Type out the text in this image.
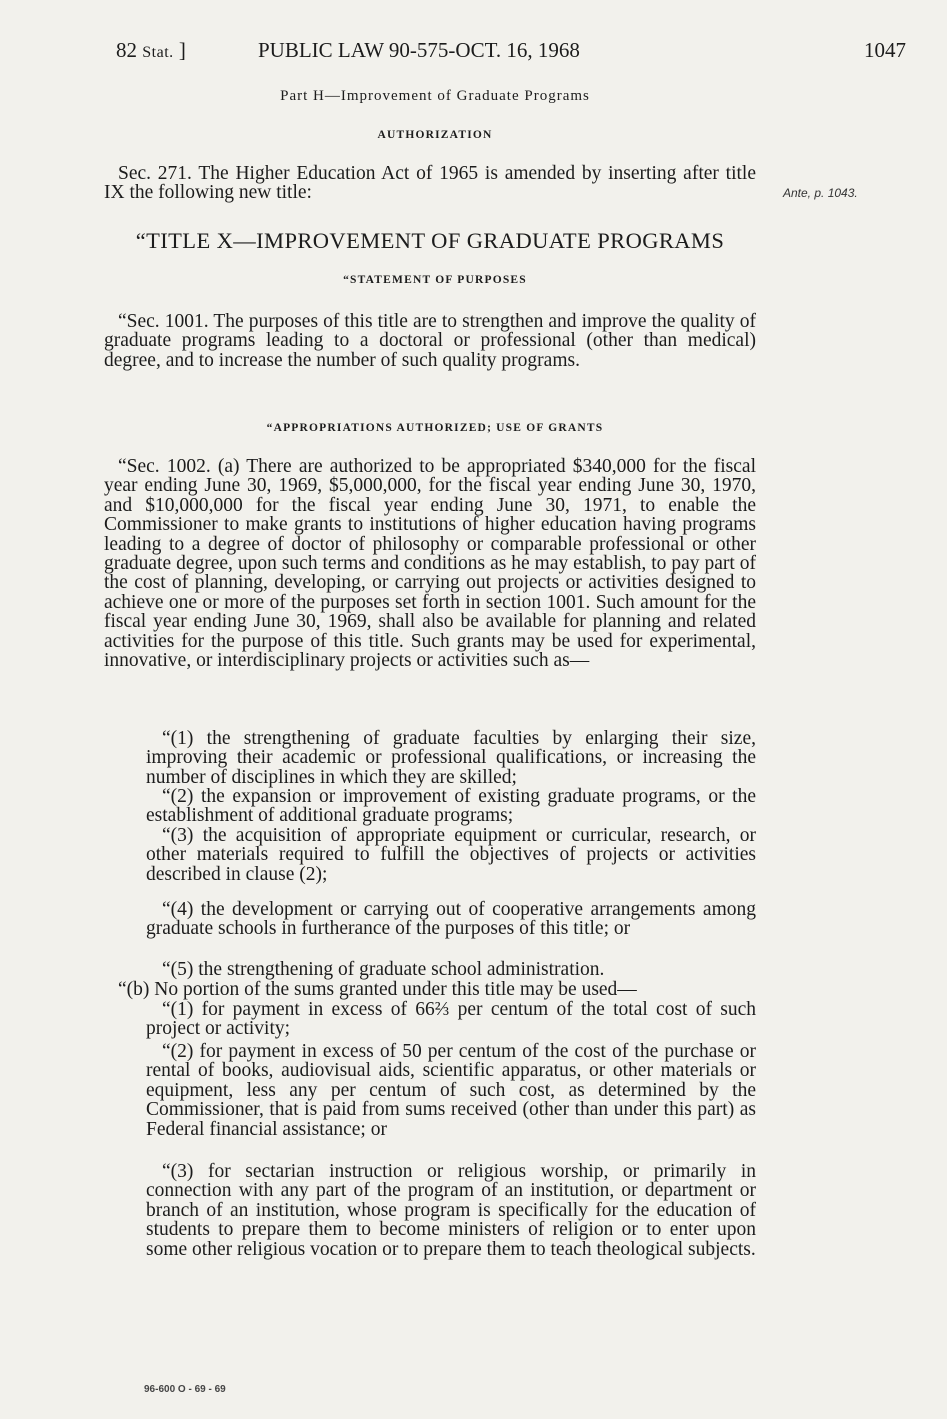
82 Stat. ]	PUBLIC LAW 90-575-OCT. 16, 1968	1047
Part H—Improvement of Graduate Programs
AUTHORIZATION

Sec. 271. The Higher Education Act of 1965 is amended by inserting after title IX the following new title:	Ante, p. 1043.
“TITLE X—IMPROVEMENT OF GRADUATE PROGRAMS
“STATEMENT OF PURPOSES

“Sec. 1001. The purposes of this title are to strengthen and improve the quality of graduate programs leading to a doctoral or professional (other than medical) degree, and to increase the number of such quality programs.

“APPROPRIATIONS AUTHORIZED; USE OF GRANTS

“Sec. 1002. (a) There are authorized to be appropriated $340,000 for the fiscal year ending June 30, 1969, $5,000,000, for the fiscal year ending June 30, 1970, and $10,000,000 for the fiscal year ending June 30, 1971, to enable the Commissioner to make grants to institutions of higher education having programs leading to a degree of doctor of philosophy or comparable professional or other graduate degree, upon such terms and conditions as he may establish, to pay part of the cost of planning, developing, or carrying out projects or activities designed to achieve one or more of the purposes set forth in section 1001. Such amount for the fiscal year ending June 30, 1969, shall also be available for planning and related activities for the purpose of this title. Such grants may be used for experimental, innovative, or interdisciplinary projects or activities such as—

“(1) the strengthening of graduate faculties by enlarging their size, improving their academic or professional qualifications, or increasing the number of disciplines in which they are skilled;

“(2) the expansion or improvement of existing graduate programs, or the establishment of additional graduate programs;

“(3) the acquisition of appropriate equipment or curricular, research, or other materials required to fulfill the objectives of projects or activities described in clause (2);

“(4) the development or carrying out of cooperative arrangements among graduate schools in furtherance of the purposes of this title; or

“(5) the strengthening of graduate school administration.

“(b) No portion of the sums granted under this title may be used—

“(1) for payment in excess of 66⅔ per centum of the total cost of such project or activity;

“(2) for payment in excess of 50 per centum of the cost of the purchase or rental of books, audiovisual aids, scientific apparatus, or other materials or equipment, less any per centum of such cost, as determined by the Commissioner, that is paid from sums received (other than under this part) as Federal financial assistance; or

“(3) for sectarian instruction or religious worship, or primarily in connection with any part of the program of an institution, or department or branch of an institution, whose program is specifically for the education of students to prepare them to become ministers of religion or to enter upon some other religious vocation or to prepare them to teach theological subjects.

96-600 O - 69 - 69
